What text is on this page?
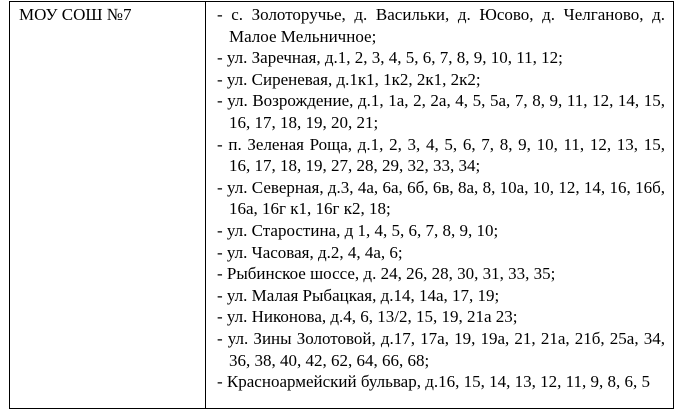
МОУ СОШ №7	- с. Золоторучье, д. Васильки, д. Юсово, д. Челганово, д. Малое Мельничное;
- ул. Заречная, д.1, 2, 3, 4, 5, 6, 7, 8, 9, 10, 11, 12;
- ул. Сиреневая, д.1к1, 1к2, 2к1, 2к2;
- ул. Возрождение, д.1, 1а, 2, 2а, 4, 5, 5а, 7, 8, 9, 11, 12, 14, 15, 16, 17, 18, 19, 20, 21;
- п. Зеленая Роща, д.1, 2, 3, 4, 5, 6, 7, 8, 9, 10, 11, 12, 13, 15, 16, 17, 18, 19, 27, 28, 29, 32, 33, 34;
- ул. Северная, д.3, 4а, 6а, 6б, 6в, 8а, 8, 10а, 10, 12, 14, 16, 16б, 16а, 16г к1, 16г к2, 18;
- ул. Старостина, д 1, 4, 5, 6, 7, 8, 9, 10;
- ул. Часовая, д.2, 4, 4а, 6;
- Рыбинское шоссе, д. 24, 26, 28, 30, 31, 33, 35;
- ул. Малая Рыбацкая, д.14, 14а, 17, 19;
- ул. Никонова, д.4, 6, 13/2, 15, 19, 21а 23;
- ул. Зины Золотовой, д.17, 17а, 19, 19а, 21, 21а, 21б, 25а, 34, 36, 38, 40, 42, 62, 64, 66, 68;
- Красноармейский бульвар, д.16, 15, 14, 13, 12, 11, 9, 8, 6, 5
